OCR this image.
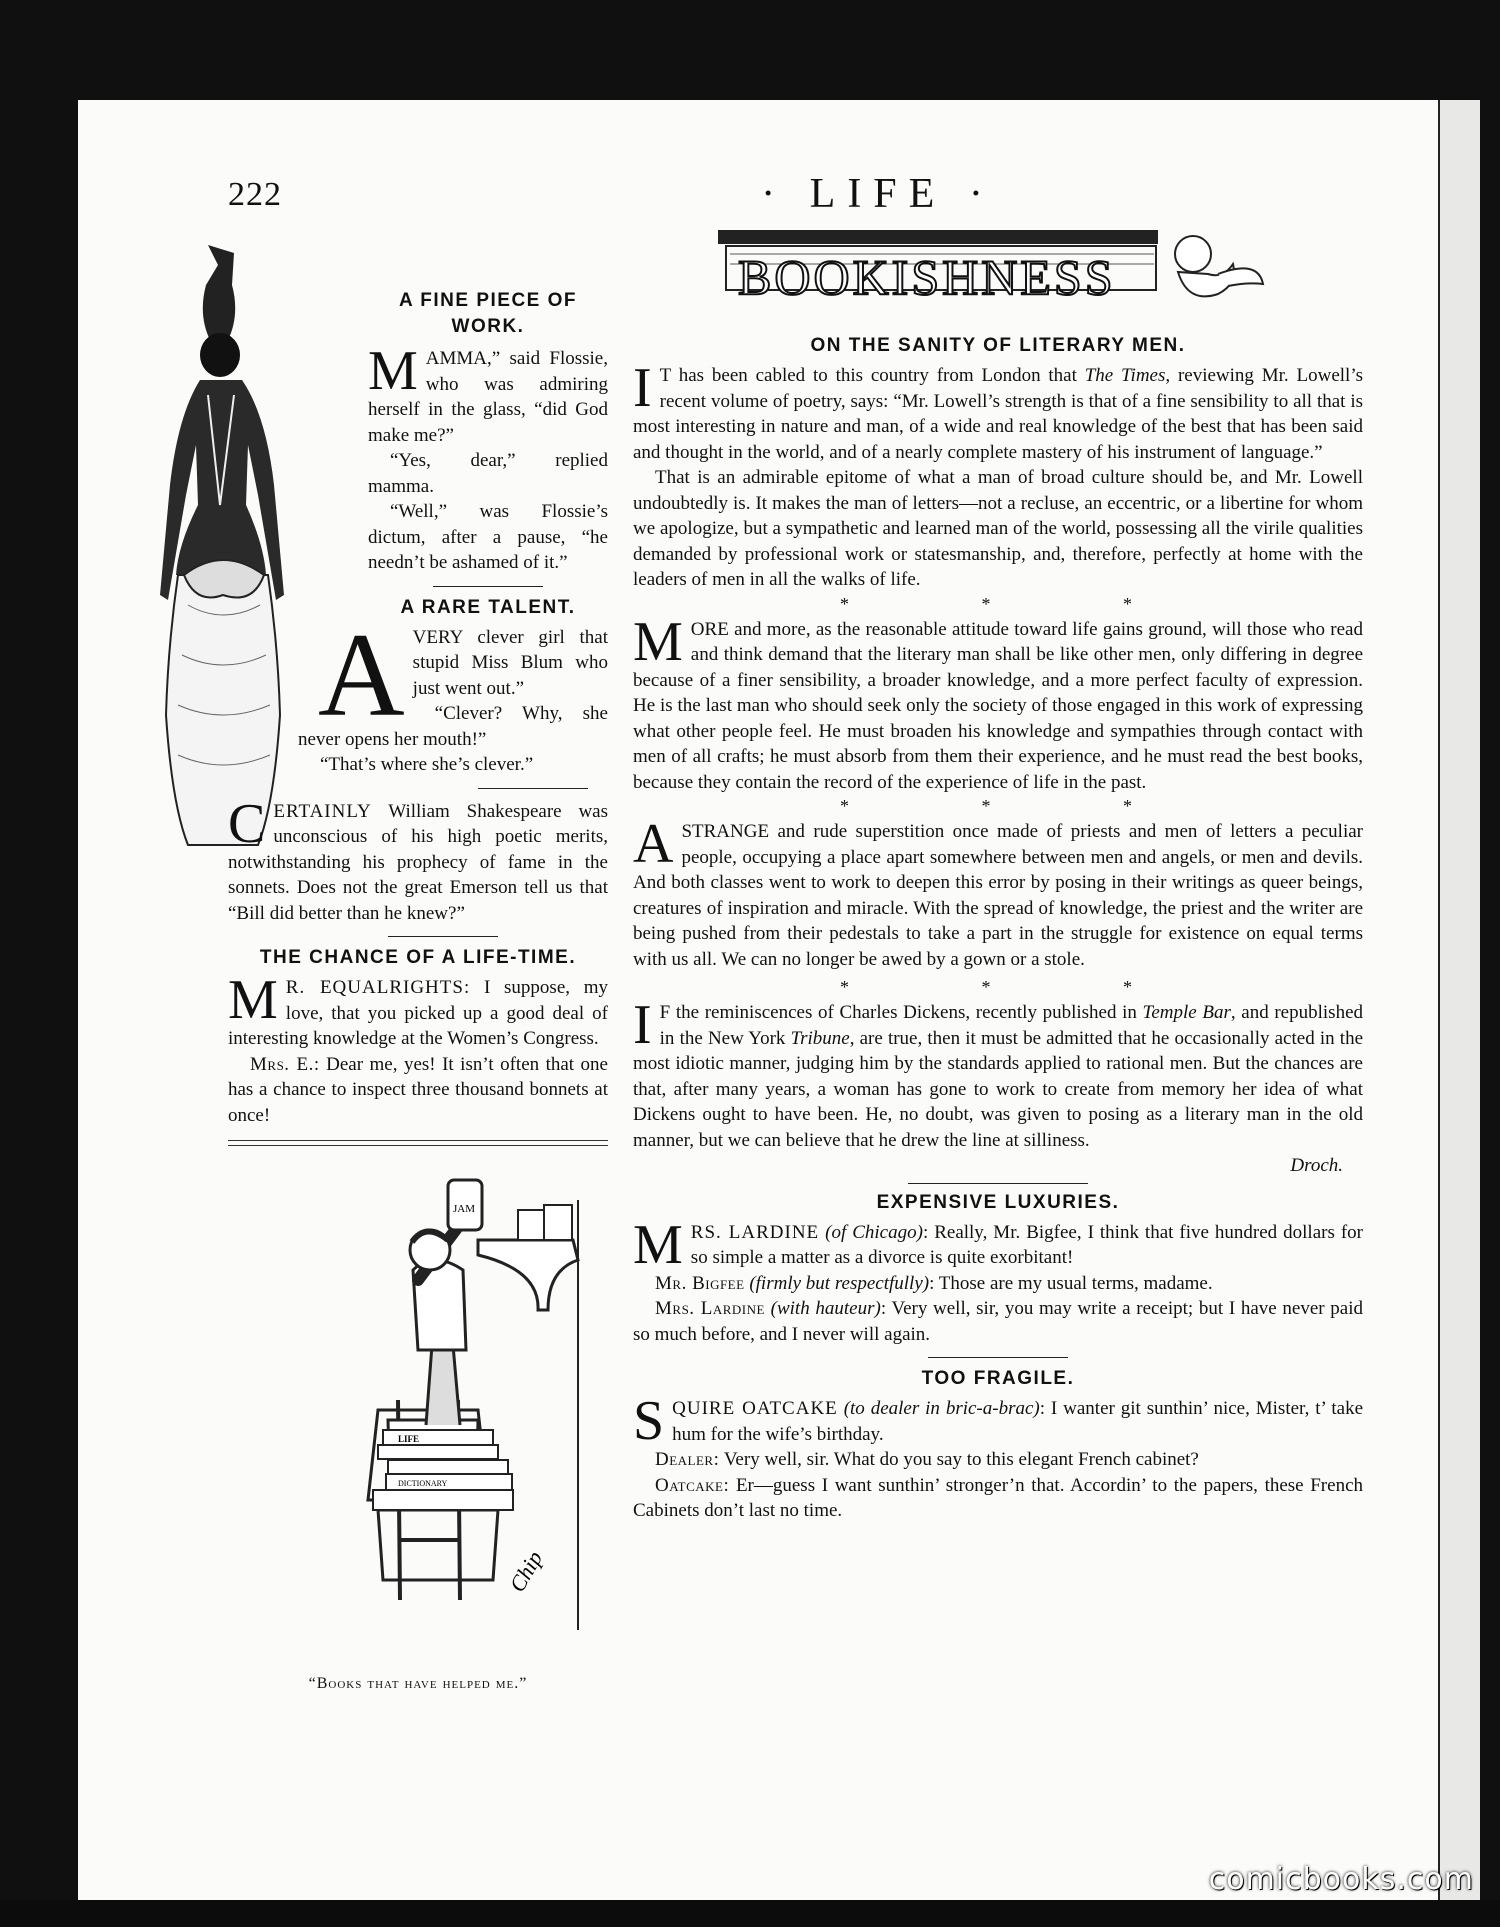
222	· LIFE ·
LIFE
DICTIONARY
JAM
Chip
“Books that have helped me.”
A FINE PIECE OF WORK.

MAMMA,” said Flossie, who was admiring herself in the glass, “did God make me?”

“Yes, dear,” replied mamma.

“Well,” was Flossie’s dictum, after a pause, “he needn’t be ashamed of it.”

A RARE TALENT.

AVERY clever girl that stupid Miss Blum who just went out.”

“Clever? Why, she never opens her mouth!”

“That’s where she’s clever.”

CERTAINLY William Shakespeare was unconscious of his high poetic merits, notwithstanding his prophecy of fame in the sonnets. Does not the great Emerson tell us that “Bill did better than he knew?”

THE CHANCE OF A LIFE-TIME.

M R. EQUALRIGHTS: I suppose, my love, that you picked up a good deal of interesting knowledge at the Women’s Congress.

Mrs. E.: Dear me, yes! It isn’t often that one has a chance to inspect three thousand bonnets at once!

BOOKISHNESS
ON THE SANITY OF LITERARY MEN.

I T has been cabled to this country from London that The Times, reviewing Mr. Lowell’s recent volume of poetry, says: “Mr. Lowell’s strength is that of a fine sensibility to all that is most interesting in nature and man, of a wide and real knowledge of the best that has been said and thought in the world, and of a nearly complete mastery of his instrument of language.”

That is an admirable epitome of what a man of broad culture should be, and Mr. Lowell undoubtedly is. It makes the man of letters—not a recluse, an eccentric, or a libertine for whom we apologize, but a sympathetic and learned man of the world, possessing all the virile qualities demanded by professional work or statesmanship, and, therefore, perfectly at home with the leaders of men in all the walks of life.

* * *

MORE and more, as the reasonable attitude toward life gains ground, will those who read and think demand that the literary man shall be like other men, only differing in degree because of a finer sensibility, a broader knowledge, and a more perfect faculty of expression. He is the last man who should seek only the society of those engaged in this work of expressing what other people feel. He must broaden his knowledge and sympathies through contact with men of all crafts; he must absorb from them their experience, and he must read the best books, because they contain the record of the experience of life in the past.

* * *

ASTRANGE and rude superstition once made of priests and men of letters a peculiar people, occupying a place apart somewhere between men and angels, or men and devils. And both classes went to work to deepen this error by posing in their writings as queer beings, creatures of inspiration and miracle. With the spread of knowledge, the priest and the writer are being pushed from their pedestals to take a part in the struggle for existence on equal terms with us all. We can no longer be awed by a gown or a stole.

* * *

I F the reminiscences of Charles Dickens, recently published in Temple Bar, and republished in the New York Tribune, are true, then it must be admitted that he occasionally acted in the most idiotic manner, judging him by the standards applied to rational men. But the chances are that, after many years, a woman has gone to work to create from memory her idea of what Dickens ought to have been. He, no doubt, was given to posing as a literary man in the old manner, but we can believe that he drew the line at silliness.

Droch.
EXPENSIVE LUXURIES.

MRS. LARDINE (of Chicago): Really, Mr. Bigfee, I think that five hundred dollars for so simple a matter as a divorce is quite exorbitant!

Mr. Bigfee (firmly but respectfully): Those are my usual terms, madame.

Mrs. Lardine (with hauteur): Very well, sir, you may write a receipt; but I have never paid so much before, and I never will again.

TOO FRAGILE.

SQUIRE OATCAKE (to dealer in bric-a-brac): I wanter git sunthin’ nice, Mister, t’ take hum for the wife’s birthday.

Dealer: Very well, sir. What do you say to this elegant French cabinet?

Oatcake: Er—guess I want sunthin’ stronger’n that. Accordin’ to the papers, these French Cabinets don’t last no time.

comicbooks.com
